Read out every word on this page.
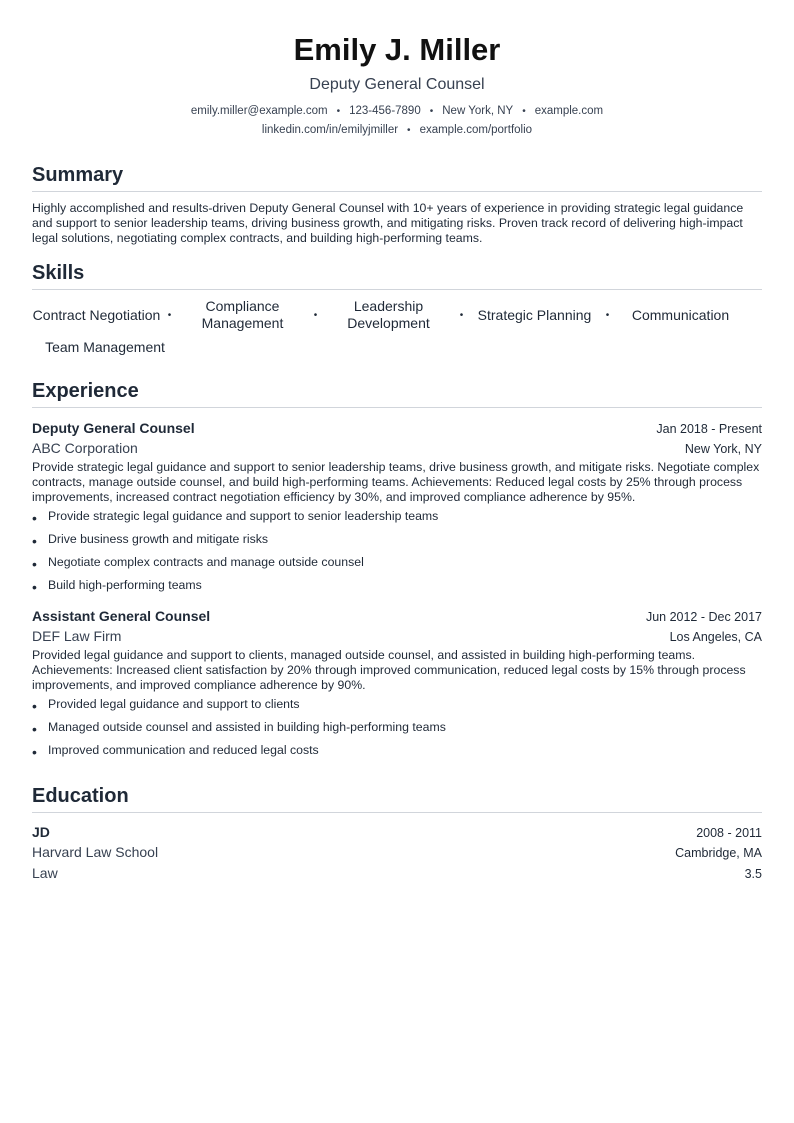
Emily J. Miller
Deputy General Counsel
emily.miller@example.com • 123-456-7890 • New York, NY • example.com
linkedin.com/in/emilyjmiller • example.com/portfolio
Summary
Highly accomplished and results-driven Deputy General Counsel with 10+ years of experience in providing strategic legal guidance and support to senior leadership teams, driving business growth, and mitigating risks. Proven track record of delivering high-impact legal solutions, negotiating complex contracts, and building high-performing teams.
Skills
Contract Negotiation •
Compliance Management	•
Leadership Development	•	Strategic Planning	•	Communication
Team Management
Experience
Deputy General Counsel	Jan 2018 - Present
ABC Corporation	New York, NY
Provide strategic legal guidance and support to senior leadership teams, drive business growth, and mitigate risks. Negotiate complex contracts, manage outside counsel, and build high-performing teams. Achievements: Reduced legal costs by 25% through process improvements, increased contract negotiation efficiency by 30%, and improved compliance adherence by 95%.
• Provide strategic legal guidance and support to senior leadership teams
• Drive business growth and mitigate risks
• Negotiate complex contracts and manage outside counsel
• Build high-performing teams
Assistant General Counsel	Jun 2012 - Dec 2017
DEF Law Firm	Los Angeles, CA
Provided legal guidance and support to clients, managed outside counsel, and assisted in building high-performing teams. Achievements: Increased client satisfaction by 20% through improved communication, reduced legal costs by 15% through process improvements, and improved compliance adherence by 90%.
• Provided legal guidance and support to clients
• Managed outside counsel and assisted in building high-performing teams
• Improved communication and reduced legal costs
Education
JD	2008 - 2011
Harvard Law School	Cambridge, MA
Law	3.5
